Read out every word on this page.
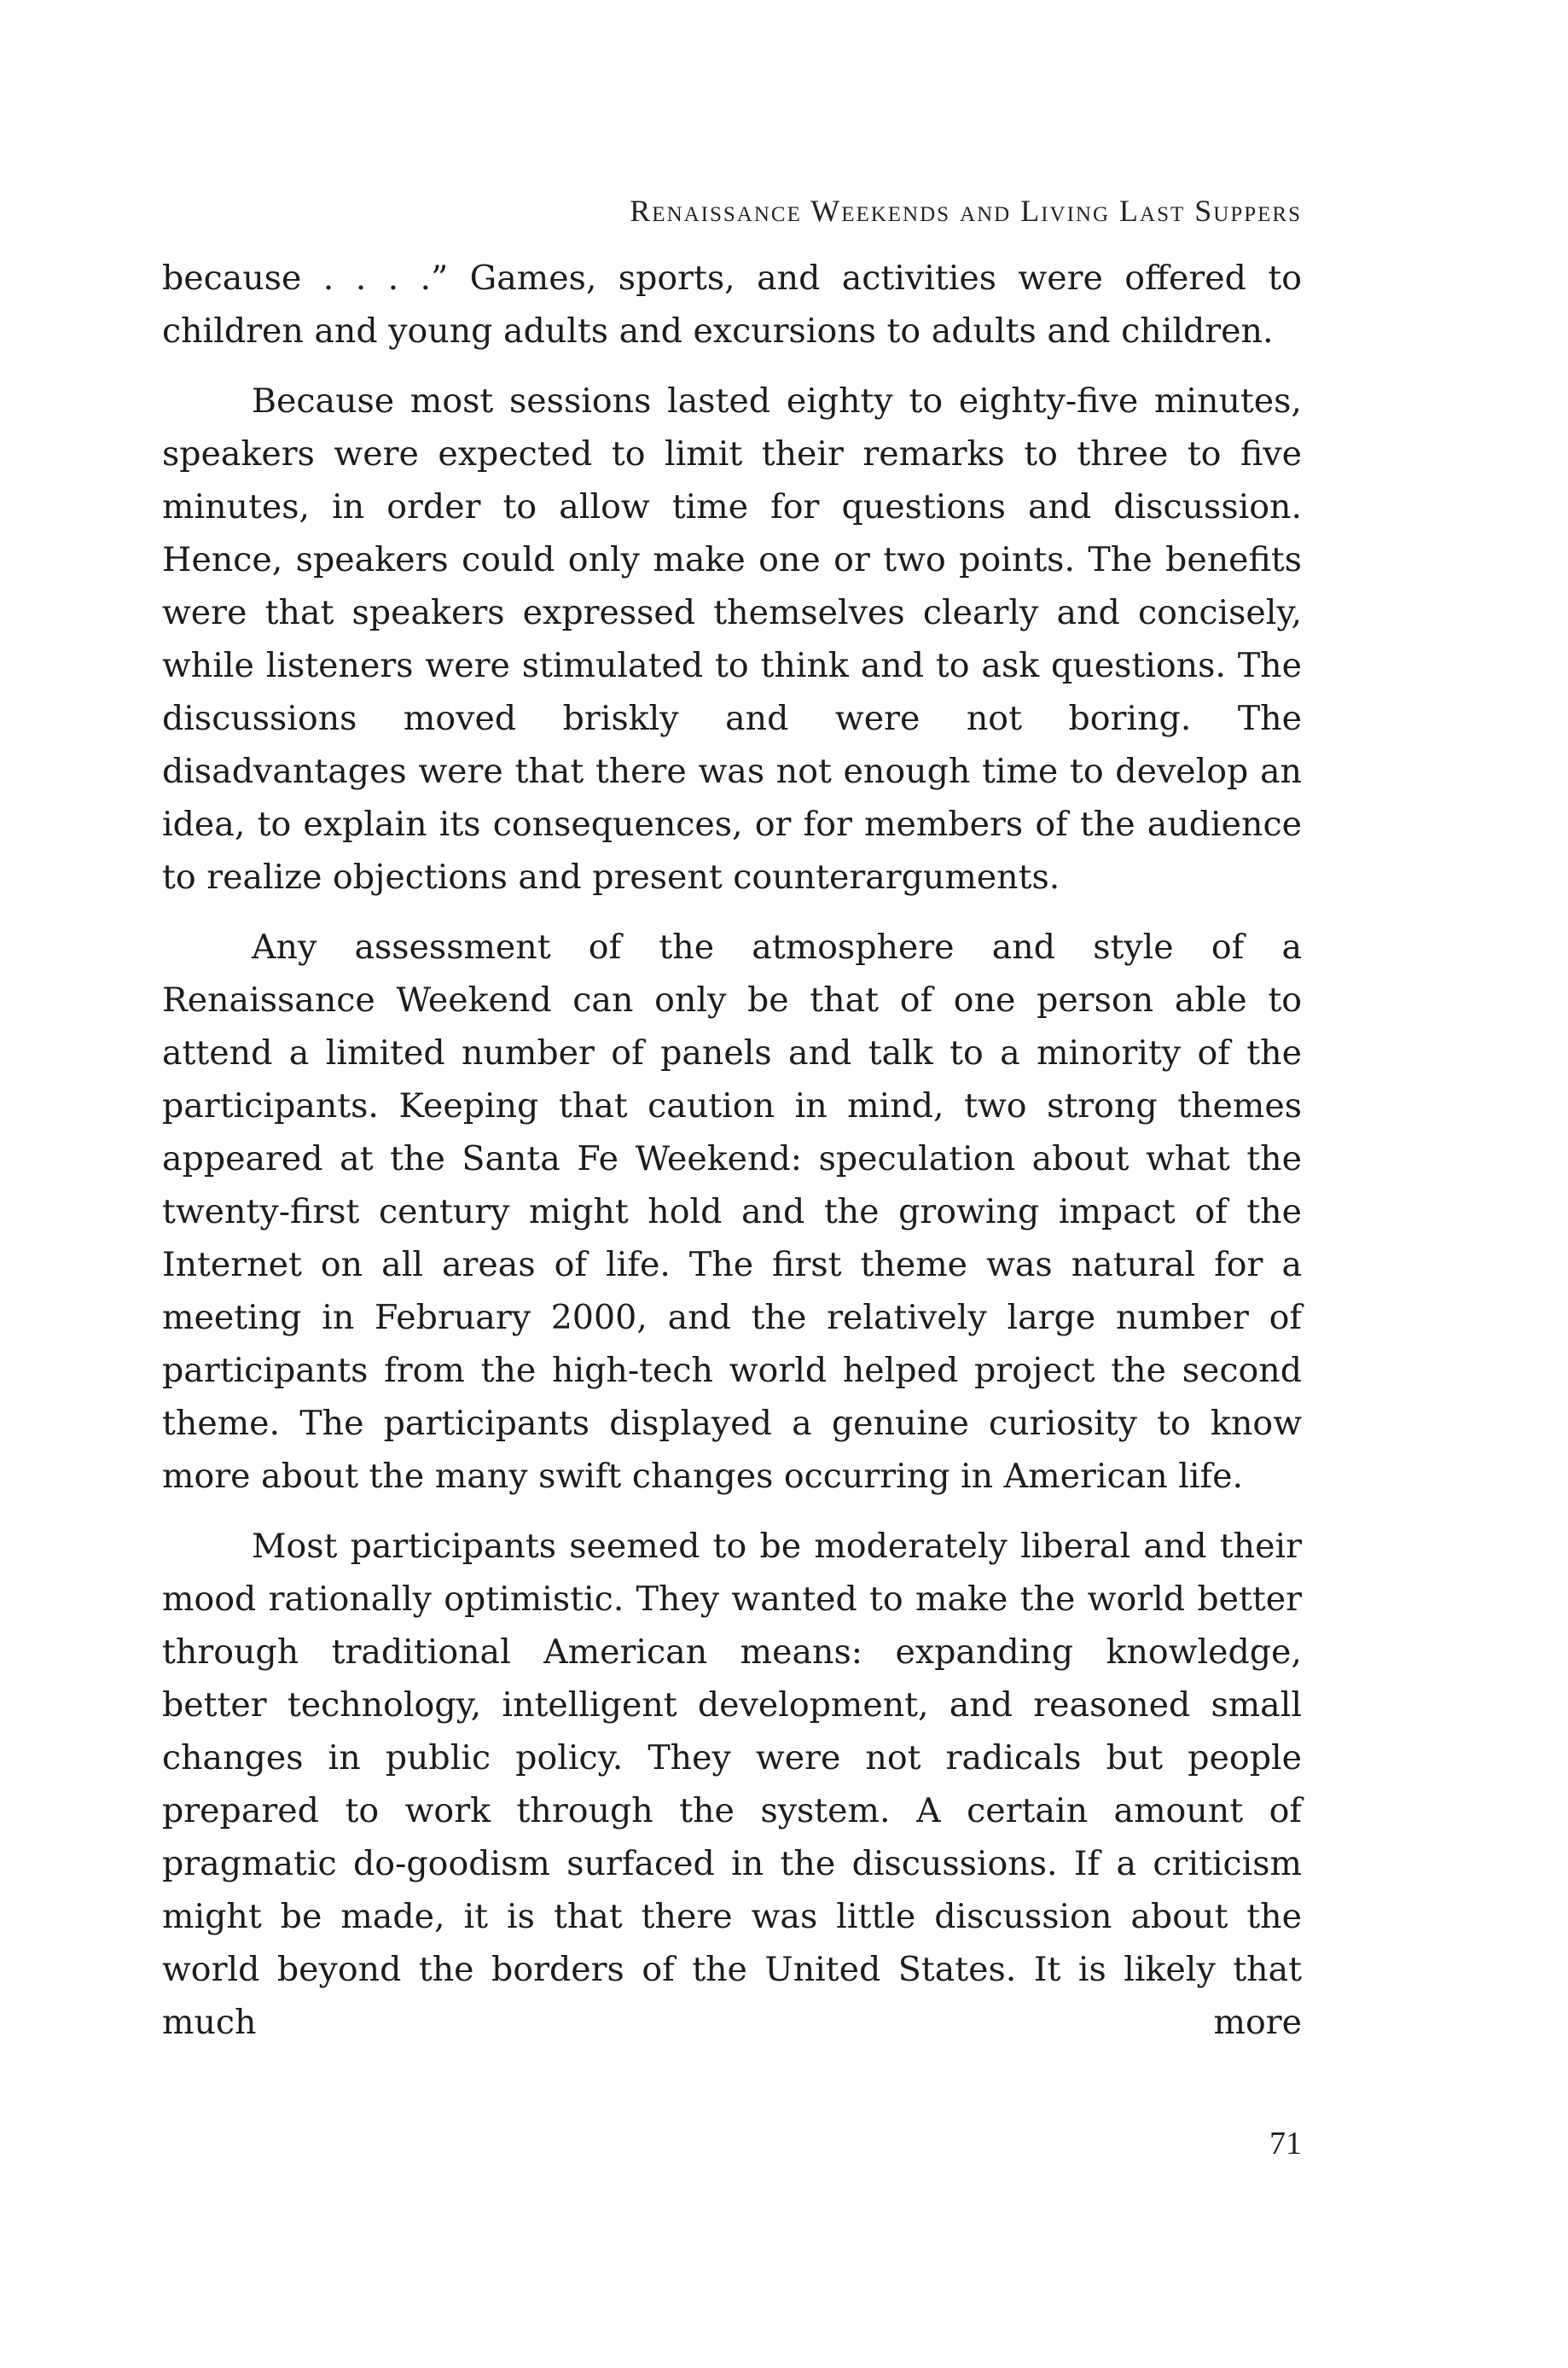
Renaissance Weekends and Living Last Suppers

because . . . .” Games, sports, and activities were offered to children and young adults and excursions to adults and children.

Because most sessions lasted eighty to eighty-five minutes, speakers were expected to limit their remarks to three to five minutes, in order to allow time for questions and discussion. Hence, speakers could only make one or two points. The benefits were that speakers expressed themselves clearly and concisely, while listeners were stimulated to think and to ask questions. The discussions moved briskly and were not boring. The disadvantages were that there was not enough time to develop an idea, to explain its consequences, or for members of the audience to realize objections and present counterarguments.

Any assessment of the atmosphere and style of a Renaissance Weekend can only be that of one person able to attend a limited number of panels and talk to a minority of the participants. Keeping that caution in mind, two strong themes appeared at the Santa Fe Weekend: speculation about what the twenty-first century might hold and the growing impact of the Internet on all areas of life. The first theme was natural for a meeting in February 2000, and the relatively large number of participants from the high-tech world helped project the second theme. The participants displayed a genuine curiosity to know more about the many swift changes occurring in American life.

Most participants seemed to be moderately liberal and their mood rationally optimistic. They wanted to make the world better through traditional American means: expanding knowledge, better technology, intelligent development, and reasoned small changes in public policy. They were not radicals but people prepared to work through the system. A certain amount of pragmatic do-goodism surfaced in the discussions. If a criticism might be made, it is that there was little discussion about the world beyond the borders of the United States. It is likely that much more

71
